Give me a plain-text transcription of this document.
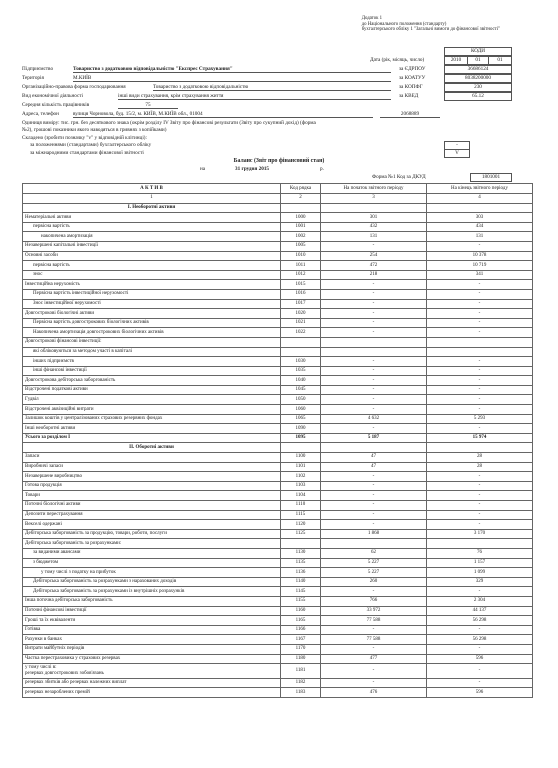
Додаток 1
до Національного положення (стандарту)
бухгалтерського обліку 1 "Загальні вимоги до фінансової звітності"
КОДИ
Дата (рік, місяць, число)	2010	01	01
за ЄДРПОУ	36686124
за КОАТУУ	8038200000
за КОПФГ	230
за КВЕД	65.12
Підприємство	Товариство з додатковою відповідальністю "Експрес Страхування"
Територія	М.КИЇВ
Організаційно-правова форма господарювання	Товариство з додатковою відповідальністю
Вид економічної діяльності	інші види страхування, крім страхування життя
Середня кількість працівників	75
Адреса, телефон	вулиця Чорновола, буд. 15/2, м. КИЇВ, М.КИЇВ обл., 01004	2068889
Одиниця виміру: тис. грн. без десяткового знака (окрім розділу IV Звіту про фінансові результати (Звіту про сукупний дохід) (форма
№2), грошові показники якого наводяться в гривнях з копійками)
Складено (зробити позначку "v" у відповідній клітинці):
за положеннями (стандартами) бухгалтерського обліку	-
за міжнародними стандартами фінансової звітності	V
Баланс (Звіт про фінансовий стан)
на	31 грудня 2015	р.
Форма №1 Код за ДКУД	1801001
А К Т И В	Код рядка	На початок звітного періоду	На кінець звітного періоду
1	2	3	4
I. Необоротні активи			
Нематеріальні активи	1000	301	303
первісна вартість	1001	432	434
накопичена амортизація	1002	131	131
Незавершені капітальні інвестиції	1005	-	-
Основні засоби	1010	254	10 378
первісна вартість	1011	472	10 719
знос	1012	218	341
Інвестиційна нерухомість	1015	-	-
Первісна вартість інвестиційної нерухомості	1016	-	-
Знос інвестиційної нерухомості	1017	-	-
Довгострокові біологічні активи	1020	-	-
Первісна вартість довгострокових біологічних активів	1021	-	-
Накопичена амортизація довгострокових біологічних активів	1022	-	-
Довгострокові фінансові інвестиції:			
які обліковуються за методом участі в капіталі			
інших підприємств	1030	-	-
інші фінансові інвестиції	1035	-	-
Довгострокова дебіторська заборгованість	1040	-	-
Відстрочені податкові активи	1045	-	-
Гудвіл	1050	-	-
Відстрочені аквізиційні витрати	1060	-	-
Залишок коштів у централізованих страхових резервних фондах	1065	4 632	5 293
Інші необоротні активи	1090	-	-
Усього за розділом I	1095	5 187	15 974
II. Оборотні активи			
Запаси	1100	47	28
Виробничі запаси	1101	47	28
Незавершене виробництво	1102	-	-
Готова продукція	1103	-	-
Товари	1104	-	-
Поточні біологічні активи	1110	-	-
Депозити перестрахування	1115	-	-
Векселі одержані	1120	-	-
Дебіторська заборгованість за продукцію, товари, роботи, послуги	1125	1 868	3 170
Дебіторська заборгованість за розрахунками:			
за виданими авансами	1130	62	76
з бюджетом	1135	5 227	1 157
у тому числі з податку на прибуток	1136	5 227	1 099
Дебіторська заборгованість за розрахунками з нарахованих доходів	1140	260	329
Дебіторська заборгованість за розрахунками із внутрішніх розрахунків	1145	-	-
Інша поточна дебіторська заборгованість	1155	766	2 304
Поточні фінансові інвестиції	1160	33 972	44 137
Гроші та їх еквіваленти	1165	77 588	56 298
Готівка	1166	-	-
Рахунки в банках	1167	77 588	56 298
Витрати майбутніх періодів	1170	-	-
Частка перестраховика у страхових резервах	1180	477	596

у тому числі в:
резервах довгострокових зобов'язань	1181	-	-
резервах збитків або резервах належних виплат	1182	-	-
резервах незароблених премій	1183	476	596
